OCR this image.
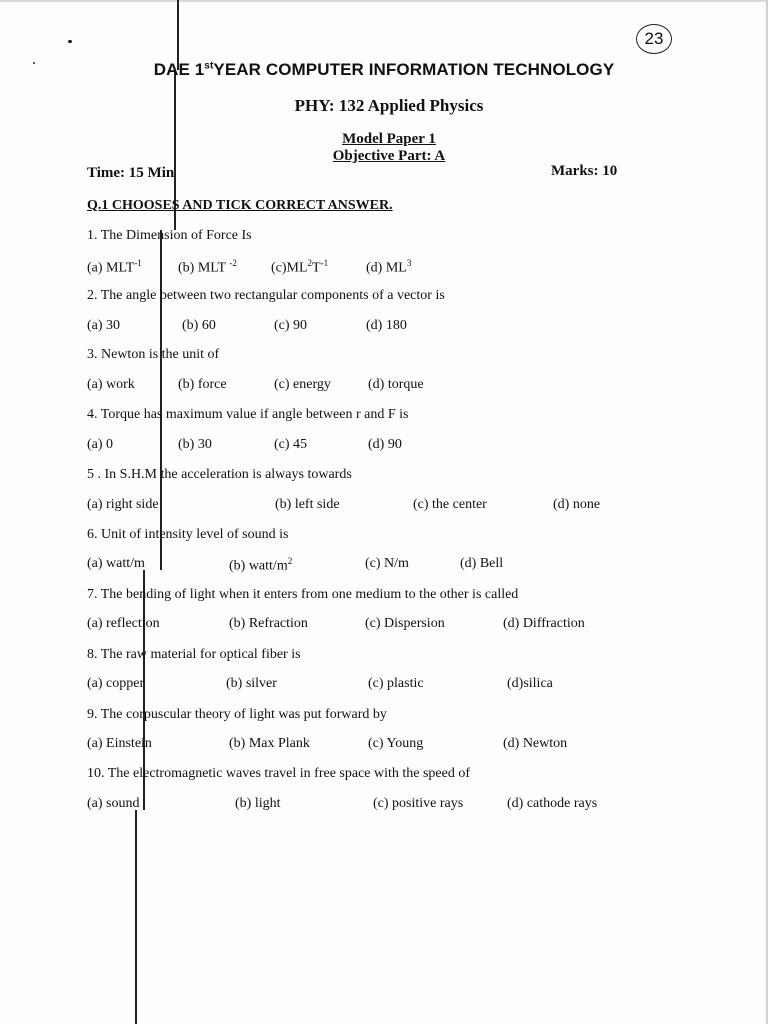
23
DAE 1stYEAR COMPUTER INFORMATION TECHNOLOGY
PHY: 132 Applied Physics
Model Paper 1
Objective Part: A
Time: 15 Min	Marks: 10
Q.1 CHOOSES AND TICK CORRECT ANSWER.
1. The Dimension of Force Is
(a) $MLT^{-1}$	(b) MLT $^{-2}$ $(c)ML^2T^{-1}$	(d) $ML^3$
2. The angle between two rectangular components of a vector is
(a) 30	(b) 60	(c) 90	(d) 180
3. Newton is the unit of
(a) work	(b) force	(c) energy	(d) torque
4. Torque has maximum value if angle between r and F is
(a) 0	(b) 30	(c) 45	(d) 90
5 . In S.H.M the acceleration is always towards
(a) right side	(b) left side	(c) the center	(d) none
6. Unit of intensity level of sound is
(a) watt/m	(b) watt/$m^2$	(c) N/m	(d) Bell
7. The bending of light when it enters from one medium to the other is called
(a) reflection	(b) Refraction	(c) Dispersion	(d) Diffraction
8. The raw material for optical fiber is
(a) copper	(b) silver	(c) plastic	(d)silica
9. The corpuscular theory of light was put forward by
(a) Einstein	(b) Max Plank	(c) Young	(d) Newton
10. The electromagnetic waves travel in free space with the speed of
(a) sound	(b) light	(c) positive rays	(d) cathode rays
